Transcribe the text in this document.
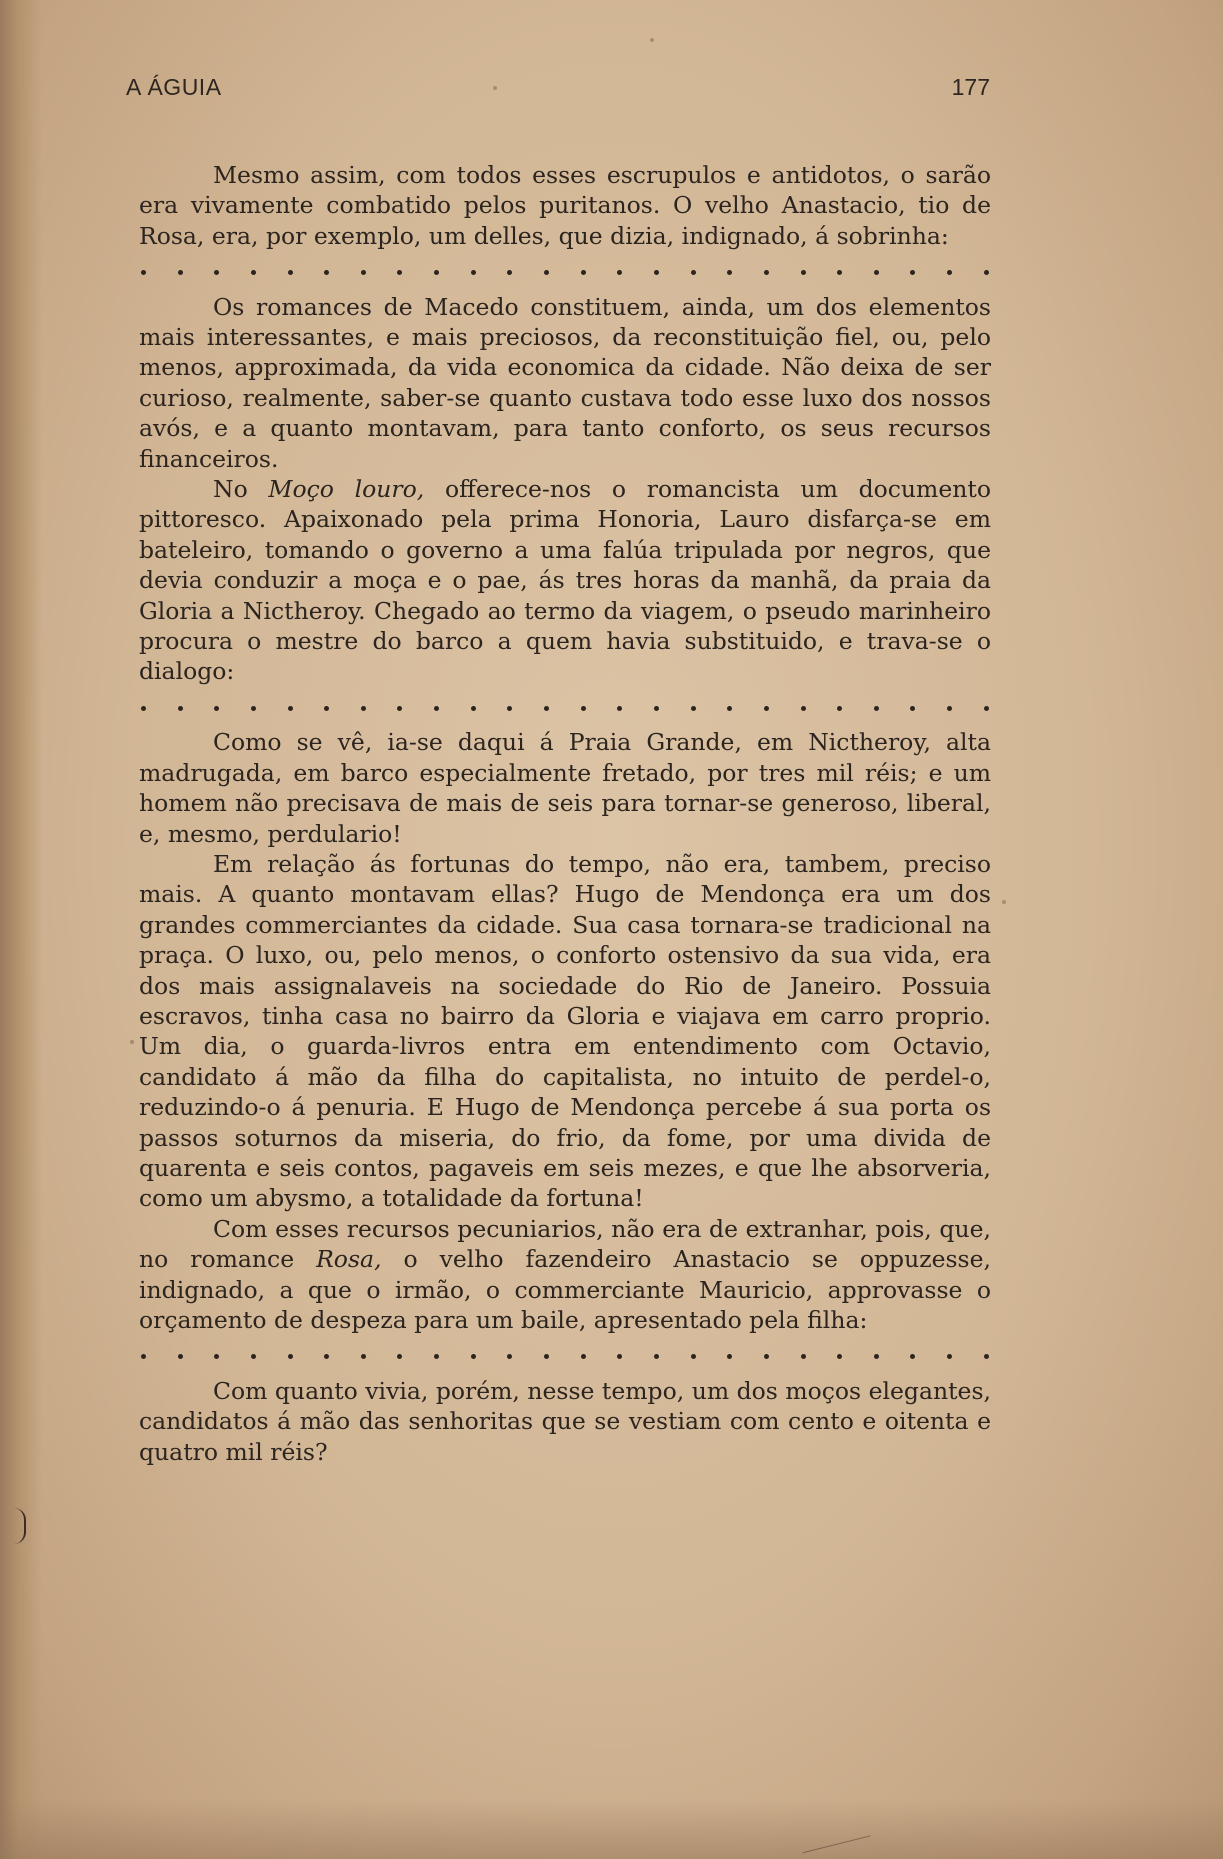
A ÁGUIA	177

Mesmo assim, com todos esses escrupulos e antidotos, o sarão era vivamente combatido pelos puritanos. O velho Anastacio, tio de Rosa, era, por exemplo, um delles, que dizia, indignado, á sobrinha:

Os romances de Macedo constituem, ainda, um dos elementos mais interessantes, e mais preciosos, da reconstituição fiel, ou, pelo menos, approximada, da vida economica da cidade. Não deixa de ser curioso, realmente, saber-se quanto custava todo esse luxo dos nossos avós, e a quanto montavam, para tanto conforto, os seus recursos financeiros.

No Moço louro, offerece-nos o romancista um documento pittoresco. Apaixonado pela prima Honoria, Lauro disfarça-se em bateleiro, tomando o governo a uma falúa tripulada por negros, que devia conduzir a moça e o pae, ás tres horas da manhã, da praia da Gloria a Nictheroy. Chegado ao termo da viagem, o pseudo marinheiro procura o mestre do barco a quem havia substituido, e trava-se o dialogo:

Como se vê, ia-se daqui á Praia Grande, em Nictheroy, alta madrugada, em barco especialmente fretado, por tres mil réis; e um homem não precisava de mais de seis para tornar-se generoso, liberal, e, mesmo, perdulario!

Em relação ás fortunas do tempo, não era, tambem, preciso mais. A quanto montavam ellas? Hugo de Mendonça era um dos grandes commerciantes da cidade. Sua casa tornara-se tradicional na praça. O luxo, ou, pelo menos, o conforto ostensivo da sua vida, era dos mais assignalaveis na sociedade do Rio de Janeiro. Possuia escravos, tinha casa no bairro da Gloria e viajava em carro proprio. Um dia, o guarda-livros entra em entendimento com Octavio, candidato á mão da filha do capitalista, no intuito de perdel-o, reduzindo-o á penuria. E Hugo de Mendonça percebe á sua porta os passos soturnos da miseria, do frio, da fome, por uma divida de quarenta e seis contos, pagaveis em seis mezes, e que lhe absorveria, como um abysmo, a totalidade da fortuna!

Com esses recursos pecuniarios, não era de extranhar, pois, que, no romance Rosa, o velho fazendeiro Anastacio se oppuzesse, indignado, a que o irmão, o commerciante Mauricio, approvasse o orçamento de despeza para um baile, apresentado pela filha:

Com quanto vivia, porém, nesse tempo, um dos moços elegantes, candidatos á mão das senhoritas que se vestiam com cento e oitenta e quatro mil réis?
